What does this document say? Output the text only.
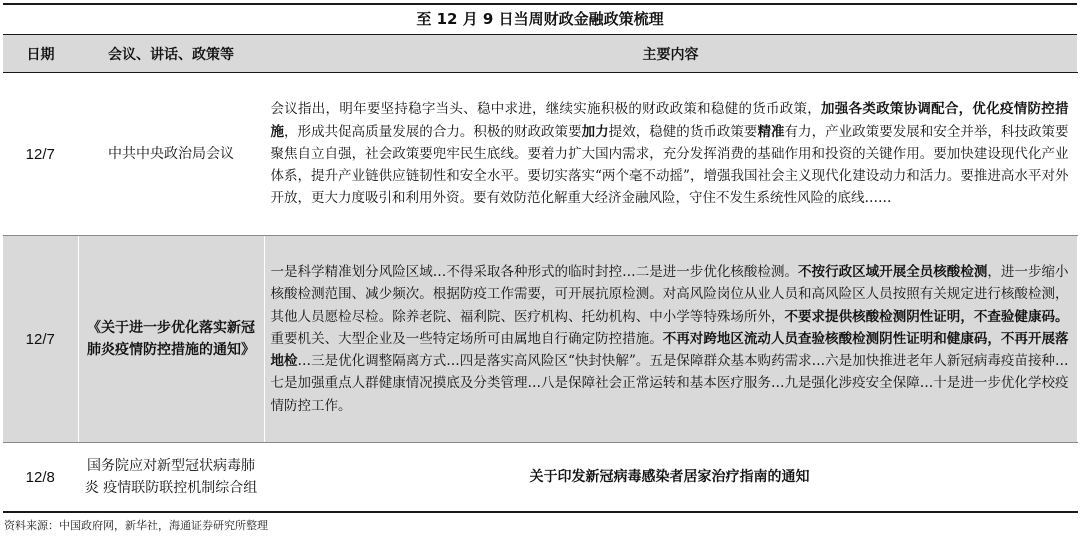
至 12 月 9 日当周财政金融政策梳理
日期	会议、讲话、政策等	主要内容
12/7	中共中央政治局会议	会议指出，明年要坚持稳字当头、稳中求进，继续实施积极的财政政策和稳健的货币政策，加强各类政策协调配合，优化疫情防控措施，形成共促高质量发展的合力。积极的财政政策要加力提效，稳健的货币政策要精准有力，产业政策要发展和安全并举，科技政策要聚焦自立自强，社会政策要兜牢民生底线。要着力扩大国内需求，充分发挥消费的基础作用和投资的关键作用。要加快建设现代化产业体系，提升产业链供应链韧性和安全水平。要切实落实“两个毫不动摇”，增强我国社会主义现代化建设动力和活力。要推进高水平对外开放，更大力度吸引和利用外资。要有效防范化解重大经济金融风险，守住不发生系统性风险的底线……
12/7	《关于进一步优化落实新冠肺炎疫情防控措施的通知》	一是科学精准划分风险区域…不得采取各种形式的临时封控…二是进一步优化核酸检测。不按行政区域开展全员核酸检测，进一步缩小核酸检测范围、减少频次。根据防疫工作需要，可开展抗原检测。对高风险岗位从业人员和高风险区人员按照有关规定进行核酸检测，其他人员愿检尽检。除养老院、福利院、医疗机构、托幼机构、中小学等特殊场所外，不要求提供核酸检测阴性证明，不查验健康码。重要机关、大型企业及一些特定场所可由属地自行确定防控措施。不再对跨地区流动人员查验核酸检测阴性证明和健康码，不再开展落地检…三是优化调整隔离方式…四是落实高风险区“快封快解”。五是保障群众基本购药需求…六是加快推进老年人新冠病毒疫苗接种…七是加强重点人群健康情况摸底及分类管理…八是保障社会正常运转和基本医疗服务…九是强化涉疫安全保障…十是进一步优化学校疫情防控工作。
12/8	国务院应对新型冠状病毒肺炎 疫情联防联控机制综合组	关于印发新冠病毒感染者居家治疗指南的通知
资料来源：中国政府网，新华社，海通证券研究所整理
